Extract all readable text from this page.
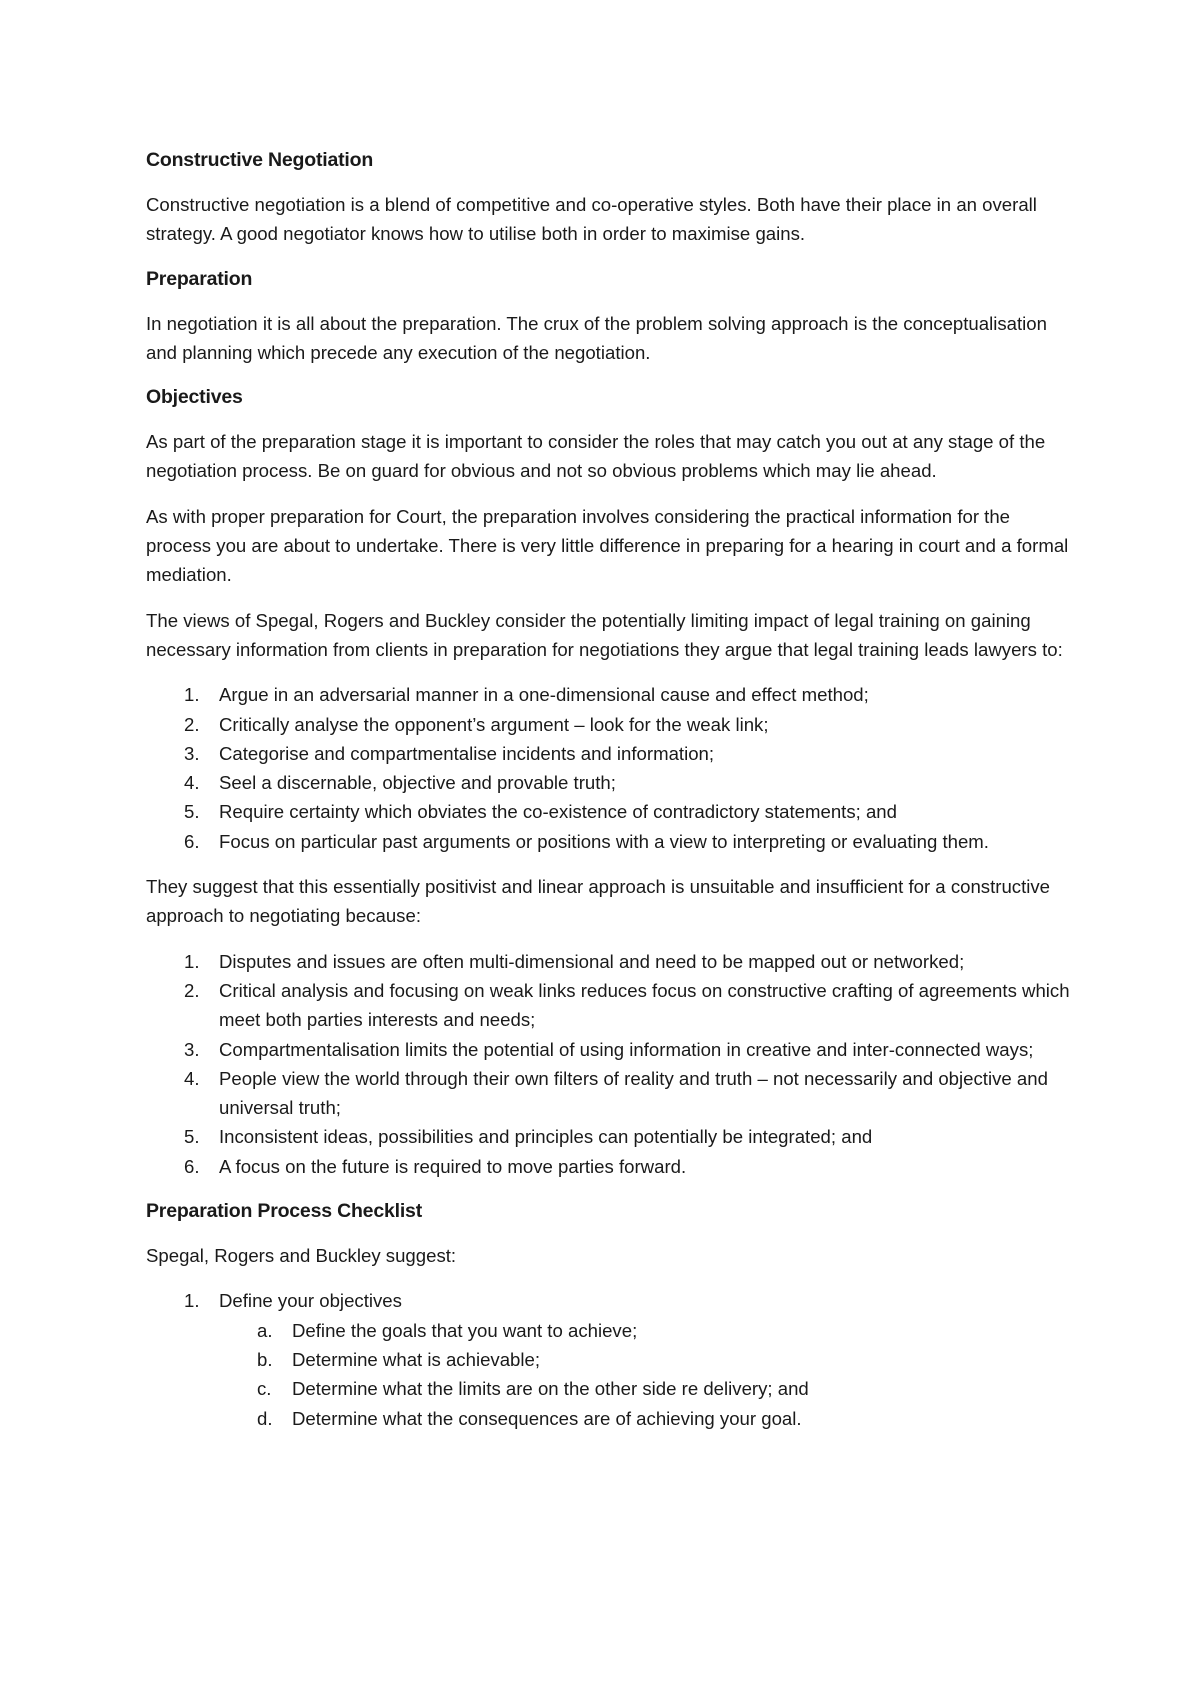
Constructive Negotiation

Constructive negotiation is a blend of competitive and co-operative styles. Both have their place in an overall strategy. A good negotiator knows how to utilise both in order to maximise gains.

Preparation

In negotiation it is all about the preparation. The crux of the problem solving approach is the conceptualisation and planning which precede any execution of the negotiation.

Objectives

As part of the preparation stage it is important to consider the roles that may catch you out at any stage of the negotiation process. Be on guard for obvious and not so obvious problems which may lie ahead.

As with proper preparation for Court, the preparation involves considering the practical information for the process you are about to undertake. There is very little difference in preparing for a hearing in court and a formal mediation.

The views of Spegal, Rogers and Buckley consider the potentially limiting impact of legal training on gaining necessary information from clients in preparation for negotiations they argue that legal training leads lawyers to:

1. Argue in an adversarial manner in a one-dimensional cause and effect method;
2. Critically analyse the opponent’s argument – look for the weak link;
3. Categorise and compartmentalise incidents and information;
4. Seel a discernable, objective and provable truth;
5. Require certainty which obviates the co-existence of contradictory statements; and
6. Focus on particular past arguments or positions with a view to interpreting or evaluating them.

They suggest that this essentially positivist and linear approach is unsuitable and insufficient for a constructive approach to negotiating because:

1. Disputes and issues are often multi-dimensional and need to be mapped out or networked;
2. Critical analysis and focusing on weak links reduces focus on constructive crafting of agreements which meet both parties interests and needs;
3. Compartmentalisation limits the potential of using information in creative and inter-connected ways;
4. People view the world through their own filters of reality and truth – not necessarily and objective and universal truth;
5. Inconsistent ideas, possibilities and principles can potentially be integrated; and
6. A focus on the future is required to move parties forward.
Preparation Process Checklist

Spegal, Rogers and Buckley suggest:

1. Define your objectives
a. Define the goals that you want to achieve;
b. Determine what is achievable;
c. Determine what the limits are on the other side re delivery; and
d. Determine what the consequences are of achieving your goal.
